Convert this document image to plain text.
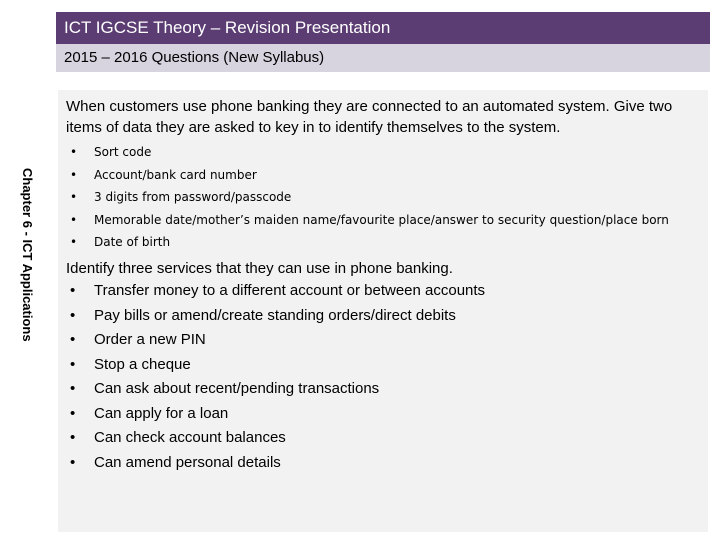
ICT IGCSE Theory – Revision Presentation
2015 – 2016 Questions (New Syllabus)
Chapter 6 - ICT Applications

When customers use phone banking they are connected to an automated system. Give two items of data they are asked to key in to identify themselves to the system.

• Sort code
• Account/bank card number
• 3 digits from password/passcode
• Memorable date/mother’s maiden name/favourite place/answer to security question/place born
• Date of birth

Identify three services that they can use in phone banking.

• Transfer money to a different account or between accounts
• Pay bills or amend/create standing orders/direct debits
• Order a new PIN
• Stop a cheque
• Can ask about recent/pending transactions
• Can apply for a loan
• Can check account balances
• Can amend personal details
